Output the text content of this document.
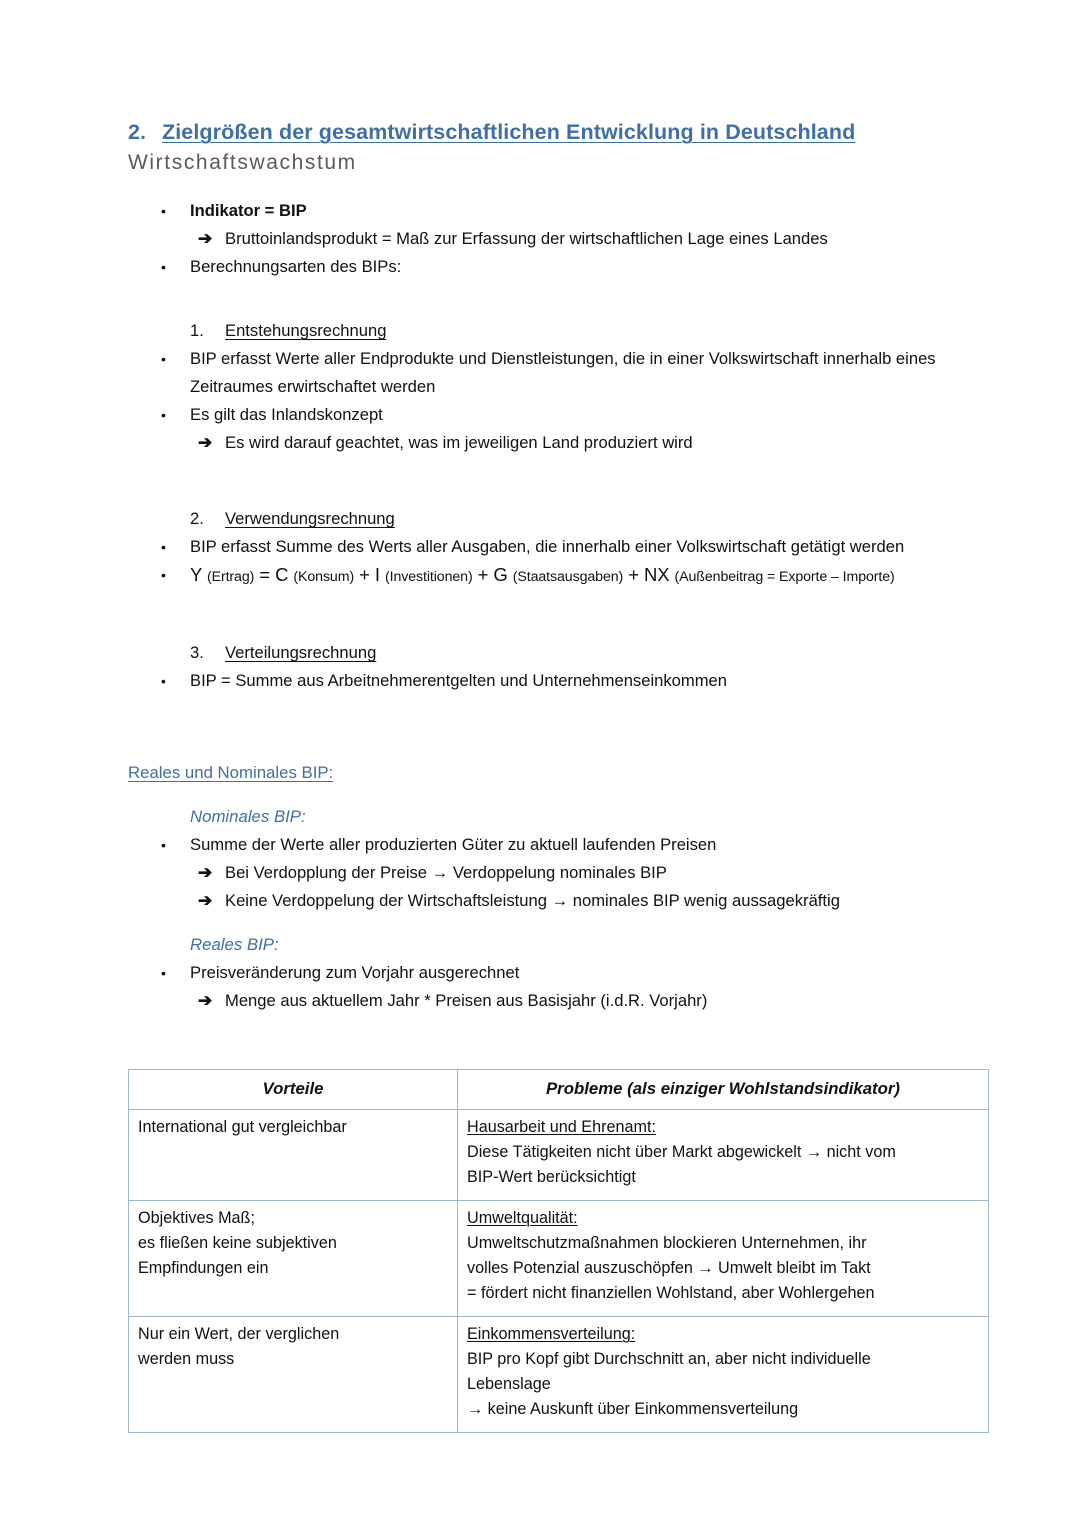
2. Zielgrößen der gesamtwirtschaftlichen Entwicklung in Deutschland
Wirtschaftswachstum
•	Indikator = BIP
➔ Bruttoinlandsprodukt = Maß zur Erfassung der wirtschaftlichen Lage eines Landes
•	Berechnungsarten des BIPs:
1.	Entstehungsrechnung
•	BIP erfasst Werte aller Endprodukte und Dienstleistungen, die in einer Volkswirtschaft innerhalb eines Zeitraumes erwirtschaftet werden
•	Es gilt das Inlandskonzept
➔ Es wird darauf geachtet, was im jeweiligen Land produziert wird
2.	Verwendungsrechnung
•	BIP erfasst Summe des Werts aller Ausgaben, die innerhalb einer Volkswirtschaft getätigt werden
•	Y (Ertrag) = C (Konsum) + I (Investitionen) + G (Staatsausgaben) + NX (Außenbeitrag = Exporte – Importe)
3.	Verteilungsrechnung
•	BIP = Summe aus Arbeitnehmerentgelten und Unternehmenseinkommen
Reales und Nominales BIP:
Nominales BIP:
•	Summe der Werte aller produzierten Güter zu aktuell laufenden Preisen
➔ Bei Verdopplung der Preise → Verdoppelung nominales BIP
➔ Keine Verdoppelung der Wirtschaftsleistung → nominales BIP wenig aussagekräftig
Reales BIP:
•	Preisveränderung zum Vorjahr ausgerechnet
➔ Menge aus aktuellem Jahr * Preisen aus Basisjahr (i.d.R. Vorjahr)
Vorteile	Probleme (als einziger Wohlstandsindikator)

International gut vergleichbar	Hausarbeit und Ehrenamt:
Diese Tätigkeiten nicht über Markt abgewickelt → nicht vom
BIP-Wert berücksichtigt

Objektives Maß;
es fließen keine subjektiven
Empfindungen ein	Umweltqualität:
Umweltschutzmaßnahmen blockieren Unternehmen, ihr
volles Potenzial auszuschöpfen → Umwelt bleibt im Takt
= fördert nicht finanziellen Wohlstand, aber Wohlergehen

Nur ein Wert, der verglichen
werden muss	Einkommensverteilung:
BIP pro Kopf gibt Durchschnitt an, aber nicht individuelle
Lebenslage
→ keine Auskunft über Einkommensverteilung
